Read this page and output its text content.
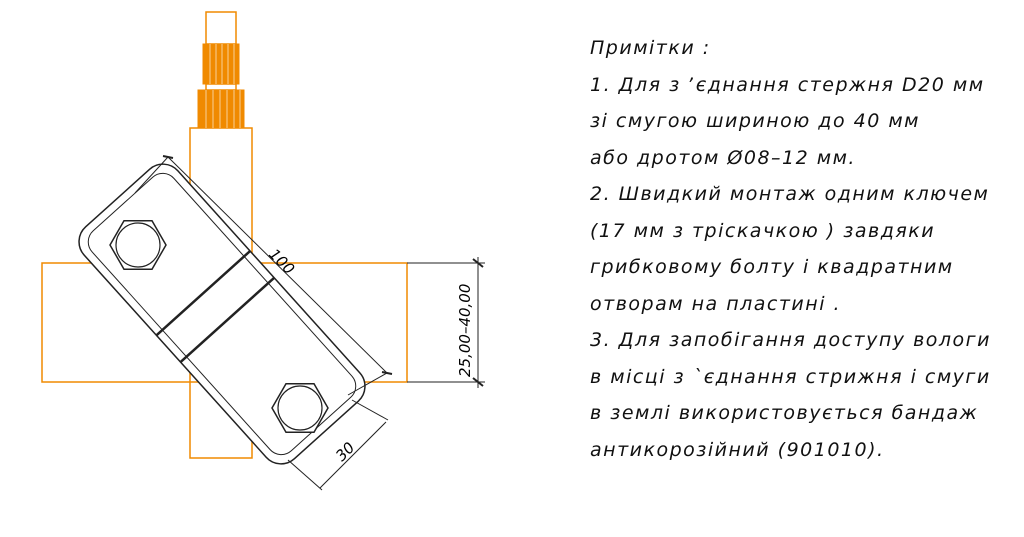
100
30
25,00–40,00
Примітки :
1. Для з ʼєднання стержня D20 мм
зі смугою шириною до 40 мм
або дротом Ø08–12 мм.
2. Швидкий монтаж одним ключем
(17 мм з тріскачкою ) завдяки
грибковому болту і квадратним
отворам на пластині .
3. Для запобігання доступу вологи
в місці з `єднання стрижня і смуги
в землі використовується бандаж
антикорозійний (901010).
